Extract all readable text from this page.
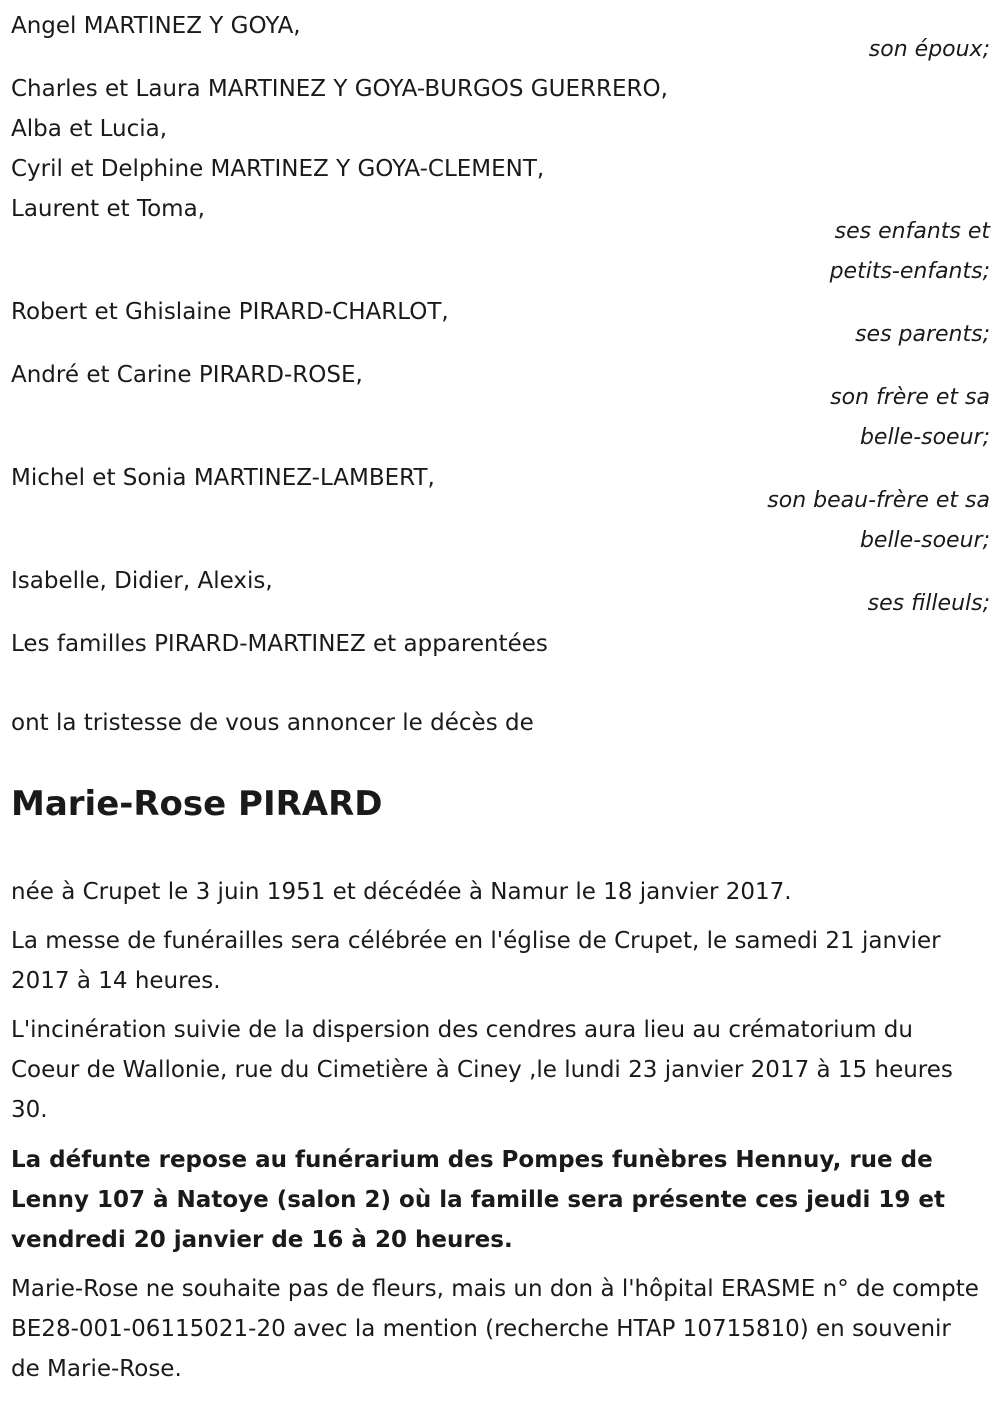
Angel MARTINEZ Y GOYA,
son époux;
Charles et Laura MARTINEZ Y GOYA-BURGOS GUERRERO,
Alba et Lucia,
Cyril et Delphine MARTINEZ Y GOYA-CLEMENT,
Laurent et Toma,
ses enfants et
petits-enfants;
Robert et Ghislaine PIRARD-CHARLOT,
ses parents;
André et Carine PIRARD-ROSE,
son frère et sa
belle-soeur;
Michel et Sonia MARTINEZ-LAMBERT,
son beau-frère et sa
belle-soeur;
Isabelle, Didier, Alexis,
ses filleuls;
Les familles PIRARD-MARTINEZ et apparentées
ont la tristesse de vous annoncer le décès de
Marie-Rose PIRARD
née à Crupet le 3 juin 1951 et décédée à Namur le 18 janvier 2017.
La messe de funérailles sera célébrée en l'église de Crupet, le samedi 21 janvier 2017 à 14 heures.
L'incinération suivie de la dispersion des cendres aura lieu au crématorium du Coeur de Wallonie, rue du Cimetière à Ciney ,le lundi 23 janvier 2017 à 15 heures 30.
La défunte repose au funérarium des Pompes funèbres Hennuy, rue de Lenny 107 à Natoye (salon 2) où la famille sera présente ces jeudi 19 et vendredi 20 janvier de 16 à 20 heures.
Marie-Rose ne souhaite pas de fleurs, mais un don à l'hôpital ERASME n° de compte BE28-001-06115021-20 avec la mention (recherche HTAP 10715810) en souvenir de Marie-Rose.
